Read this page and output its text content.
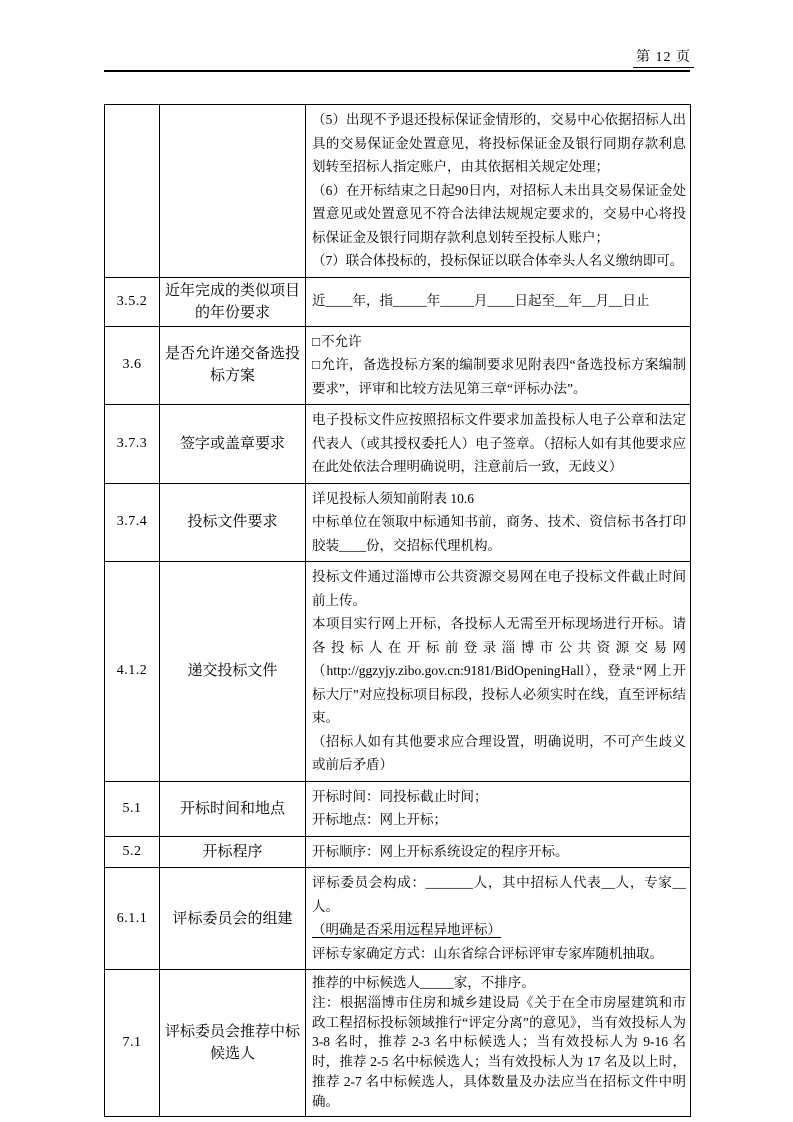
第 12 页

		（5）出现不予退还投标保证金情形的，交易中心依据招标人出具的交易保证金处置意见，将投标保证金及银行同期存款利息划转至招标人指定账户，由其依据相关规定处理；

（6）在开标结束之日起90日内，对招标人未出具交易保证金处置意见或处置意见不符合法律法规规定要求的，交易中心将投标保证金及银行同期存款利息划转至投标人账户；

（7）联合体投标的，投标保证以联合体牵头人名义缴纳即可。

3.5.2	近年完成的类似项目的年份要求	近____年，指_____年_____月____日起至__年__月__日止

3.6	是否允许递交备选投标方案	□不允许

□允许，备选投标方案的编制要求见附表四“备选投标方案编制要求”，评审和比较方法见第三章“评标办法”。

3.7.3	签字或盖章要求	电子投标文件应按照招标文件要求加盖投标人电子公章和法定代表人（或其授权委托人）电子签章。（招标人如有其他要求应在此处依法合理明确说明，注意前后一致，无歧义）

3.7.4	投标文件要求	详见投标人须知前附表 10.6

中标单位在领取中标通知书前，商务、技术、资信标书各打印胶装____份，交招标代理机构。

4.1.2	递交投标文件	投标文件通过淄博市公共资源交易网在电子投标文件截止时间前上传。

本项目实行网上开标，各投标人无需至开标现场进行开标。请各投标人在开标前登录淄博市公共资源交易网（http://ggzyjy.zibo.gov.cn:9181/BidOpeningHall），登录“网上开标大厅”对应投标项目标段，投标人必须实时在线，直至评标结束。

（招标人如有其他要求应合理设置，明确说明，不可产生歧义或前后矛盾）

5.1	开标时间和地点	开标时间：同投标截止时间；

开标地点：网上开标；

5.2	开标程序	开标顺序：网上开标系统设定的程序开标。

6.1.1	评标委员会的组建	评标委员会构成：_______人，其中招标人代表__人，专家__人。

（明确是否采用远程异地评标）

评标专家确定方式：山东省综合评标评审专家库随机抽取。

7.1	评标委员会推荐中标候选人	推荐的中标候选人_____家，不排序。

注：根据淄博市住房和城乡建设局《关于在全市房屋建筑和市政工程招标投标领域推行“评定分离”的意见》，当有效投标人为 3-8 名时，推荐 2-3 名中标候选人；当有效投标人为 9-16 名时，推荐 2-5 名中标候选人；当有效投标人为 17 名及以上时，推荐 2-7 名中标候选人，具体数量及办法应当在招标文件中明确。
